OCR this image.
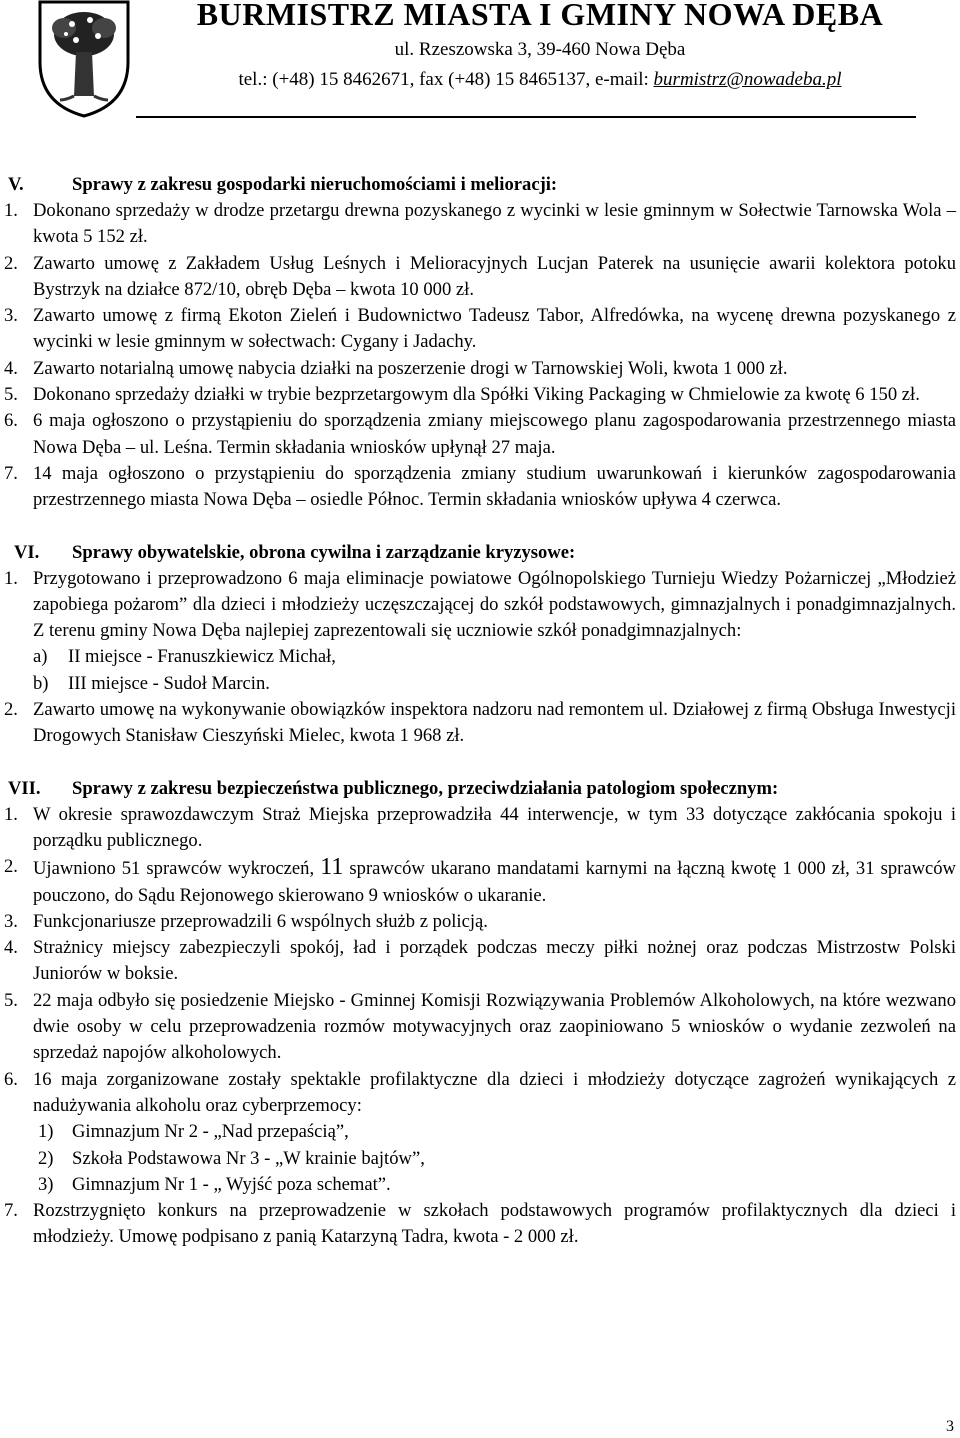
BURMISTRZ MIASTA I GMINY NOWA DĘBA
ul. Rzeszowska 3, 39-460 Nowa Dęba
tel.: (+48) 15 8462671, fax (+48) 15 8465137, e-mail: burmistrz@nowadeba.pl
V.	Sprawy z zakresu gospodarki nieruchomościami i melioracji:
1. Dokonano sprzedaży w drodze przetargu drewna pozyskanego z wycinki w lesie gminnym w Sołectwie Tarnowska Wola – kwota 5 152 zł.
2. Zawarto umowę z Zakładem Usług Leśnych i Melioracyjnych Lucjan Paterek na usunięcie awarii kolektora potoku Bystrzyk na działce 872/10, obręb Dęba – kwota 10 000 zł.
3. Zawarto umowę z firmą Ekoton Zieleń i Budownictwo Tadeusz Tabor, Alfredówka, na wycenę drewna pozyskanego z wycinki w lesie gminnym w sołectwach: Cygany i Jadachy.
4. Zawarto notarialną umowę nabycia działki na poszerzenie drogi w Tarnowskiej Woli, kwota 1 000 zł.
5. Dokonano sprzedaży działki w trybie bezprzetargowym dla Spółki Viking Packaging w Chmielowie za kwotę 6 150 zł.
6. 6 maja ogłoszono o przystąpieniu do sporządzenia zmiany miejscowego planu zagospodarowania przestrzennego miasta Nowa Dęba – ul. Leśna. Termin składania wniosków upłynął 27 maja.
7. 14 maja ogłoszono o przystąpieniu do sporządzenia zmiany studium uwarunkowań i kierunków zagospodarowania przestrzennego miasta Nowa Dęba – osiedle Północ. Termin składania wniosków upływa 4 czerwca.
VI. Sprawy obywatelskie, obrona cywilna i zarządzanie kryzysowe:
1. Przygotowano i przeprowadzono 6 maja eliminacje powiatowe Ogólnopolskiego Turnieju Wiedzy Pożarniczej „Młodzież zapobiega pożarom” dla dzieci i młodzieży uczęszczającej do szkół podstawowych, gimnazjalnych i ponadgimnazjalnych. Z terenu gminy Nowa Dęba najlepiej zaprezentowali się uczniowie szkół ponadgimnazjalnych:
a) II miejsce - Franuszkiewicz Michał,
b) III miejsce - Sudoł Marcin.
2. Zawarto umowę na wykonywanie obowiązków inspektora nadzoru nad remontem ul. Działowej z firmą Obsługa Inwestycji Drogowych Stanisław Cieszyński Mielec, kwota 1 968 zł.
VII. Sprawy z zakresu bezpieczeństwa publicznego, przeciwdziałania patologiom społecznym:
1. W okresie sprawozdawczym Straż Miejska przeprowadziła 44 interwencje, w tym 33 dotyczące zakłócania spokoju i porządku publicznego.
2. Ujawniono 51 sprawców wykroczeń, 11 sprawców ukarano mandatami karnymi na łączną kwotę 1 000 zł, 31 sprawców pouczono, do Sądu Rejonowego skierowano 9 wniosków o ukaranie.
3. Funkcjonariusze przeprowadzili 6 wspólnych służb z policją.
4. Strażnicy miejscy zabezpieczyli spokój, ład i porządek podczas meczy piłki nożnej oraz podczas Mistrzostw Polski Juniorów w boksie.
5. 22 maja odbyło się posiedzenie Miejsko - Gminnej Komisji Rozwiązywania Problemów Alkoholowych, na które wezwano dwie osoby w celu przeprowadzenia rozmów motywacyjnych oraz zaopiniowano 5 wniosków o wydanie zezwoleń na sprzedaż napojów alkoholowych.
6. 16 maja zorganizowane zostały spektakle profilaktyczne dla dzieci i młodzieży dotyczące zagrożeń wynikających z nadużywania alkoholu oraz cyberprzemocy:
1) Gimnazjum Nr 2 - „Nad przepaścią”,
2) Szkoła Podstawowa Nr 3 - „W krainie bajtów”,
3) Gimnazjum Nr 1 - „ Wyjść poza schemat”.
7. Rozstrzygnięto konkurs na przeprowadzenie w szkołach podstawowych programów profilaktycznych dla dzieci i młodzieży. Umowę podpisano z panią Katarzyną Tadra, kwota - 2 000 zł.
3
